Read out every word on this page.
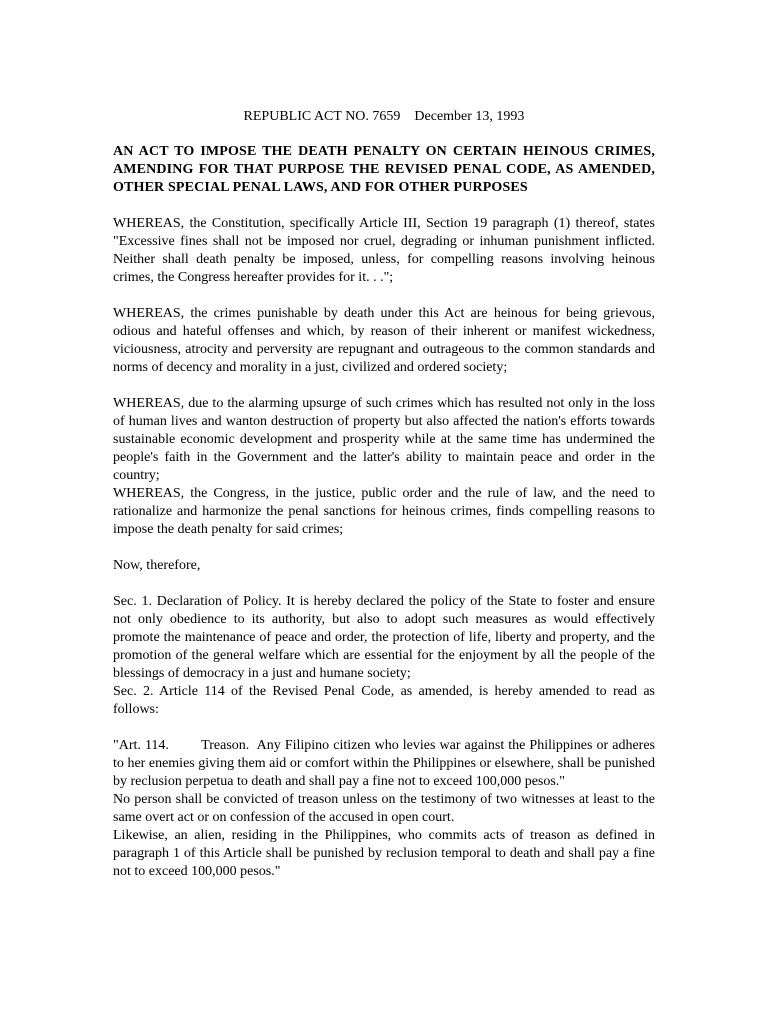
REPUBLIC ACT NO. 7659    December 13, 1993
AN ACT TO IMPOSE THE DEATH PENALTY ON CERTAIN HEINOUS CRIMES, AMENDING FOR THAT PURPOSE THE REVISED PENAL CODE, AS AMENDED, OTHER SPECIAL PENAL LAWS, AND FOR OTHER PURPOSES

WHEREAS, the Constitution, specifically Article III, Section 19 paragraph (1) thereof, states "Excessive fines shall not be imposed nor cruel, degrading or inhuman punishment inflicted. Neither shall death penalty be imposed, unless, for compelling reasons involving heinous crimes, the Congress hereafter provides for it. . .";

WHEREAS, the crimes punishable by death under this Act are heinous for being grievous, odious and hateful offenses and which, by reason of their inherent or manifest wickedness, viciousness, atrocity and perversity are repugnant and outrageous to the common standards and norms of decency and morality in a just, civilized and ordered society;

WHEREAS, due to the alarming upsurge of such crimes which has resulted not only in the loss of human lives and wanton destruction of property but also affected the nation's efforts towards sustainable economic development and prosperity while at the same time has undermined the people's faith in the Government and the latter's ability to maintain peace and order in the country;

WHEREAS, the Congress, in the justice, public order and the rule of law, and the need to rationalize and harmonize the penal sanctions for heinous crimes, finds compelling reasons to impose the death penalty for said crimes;

Now, therefore,

Sec. 1. Declaration of Policy. It is hereby declared the policy of the State to foster and ensure not only obedience to its authority, but also to adopt such measures as would effectively promote the maintenance of peace and order, the protection of life, liberty and property, and the promotion of the general welfare which are essential for the enjoyment by all the people of the blessings of democracy in a just and humane society;

Sec. 2. Article 114 of the Revised Penal Code, as amended, is hereby amended to read as follows:

"Art. 114.        Treason.  Any Filipino citizen who levies war against the Philippines or adheres to her enemies giving them aid or comfort within the Philippines or elsewhere, shall be punished by reclusion perpetua to death and shall pay a fine not to exceed 100,000 pesos."

No person shall be convicted of treason unless on the testimony of two witnesses at least to the same overt act or on confession of the accused in open court.

Likewise, an alien, residing in the Philippines, who commits acts of treason as defined in paragraph 1 of this Article shall be punished by reclusion temporal to death and shall pay a fine not to exceed 100,000 pesos."
